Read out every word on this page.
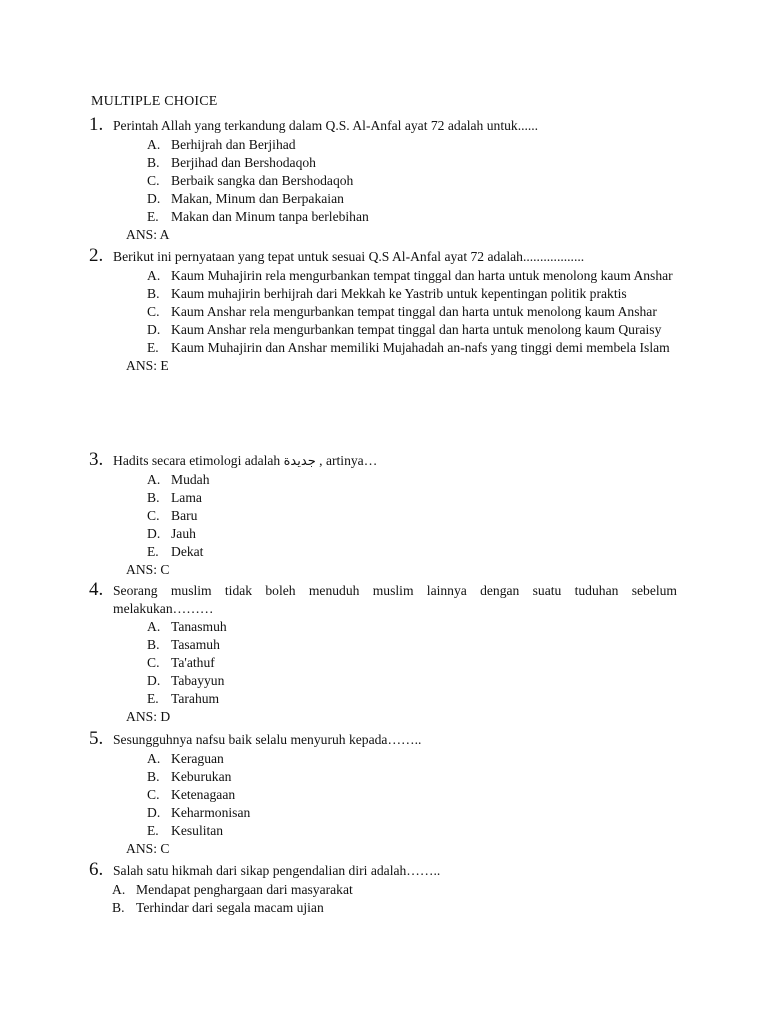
MULTIPLE CHOICE
1. Perintah Allah yang terkandung dalam Q.S. Al-Anfal ayat 72 adalah untuk......
A. Berhijrah dan Berjihad
B. Berjihad dan Bershodaqoh
C. Berbaik sangka dan Bershodaqoh
D. Makan, Minum dan Berpakaian
E. Makan dan Minum tanpa berlebihan
ANS: A
2. Berikut ini pernyataan yang tepat untuk sesuai Q.S Al-Anfal ayat 72 adalah..................
A. Kaum Muhajirin rela mengurbankan tempat tinggal dan harta untuk menolong kaum Anshar
B. Kaum muhajirin berhijrah dari Mekkah ke Yastrib untuk kepentingan politik praktis
C. Kaum Anshar rela mengurbankan tempat tinggal dan harta untuk menolong kaum Anshar
D. Kaum Anshar rela mengurbankan tempat tinggal dan harta untuk menolong kaum Quraisy
E. Kaum Muhajirin dan Anshar memiliki Mujahadah an-nafs yang tinggi demi membela Islam
ANS: E
3. Hadits secara etimologi adalah جديدة , artinya…
A. Mudah
B. Lama
C. Baru
D. Jauh
E. Dekat
ANS: C
4. Seorang muslim tidak boleh menuduh muslim lainnya dengan suatu tuduhan sebelum melakukan………
A. Tanasmuh
B. Tasamuh
C. Ta'athuf
D. Tabayyun
E. Tarahum
ANS: D
5. Sesungguhnya nafsu baik selalu menyuruh kepada……..
A. Keraguan
B. Keburukan
C. Ketenagaan
D. Keharmonisan
E. Kesulitan
ANS: C
6. Salah satu hikmah dari sikap pengendalian diri adalah……..
A. Mendapat penghargaan dari masyarakat
B. Terhindar dari segala macam ujian
